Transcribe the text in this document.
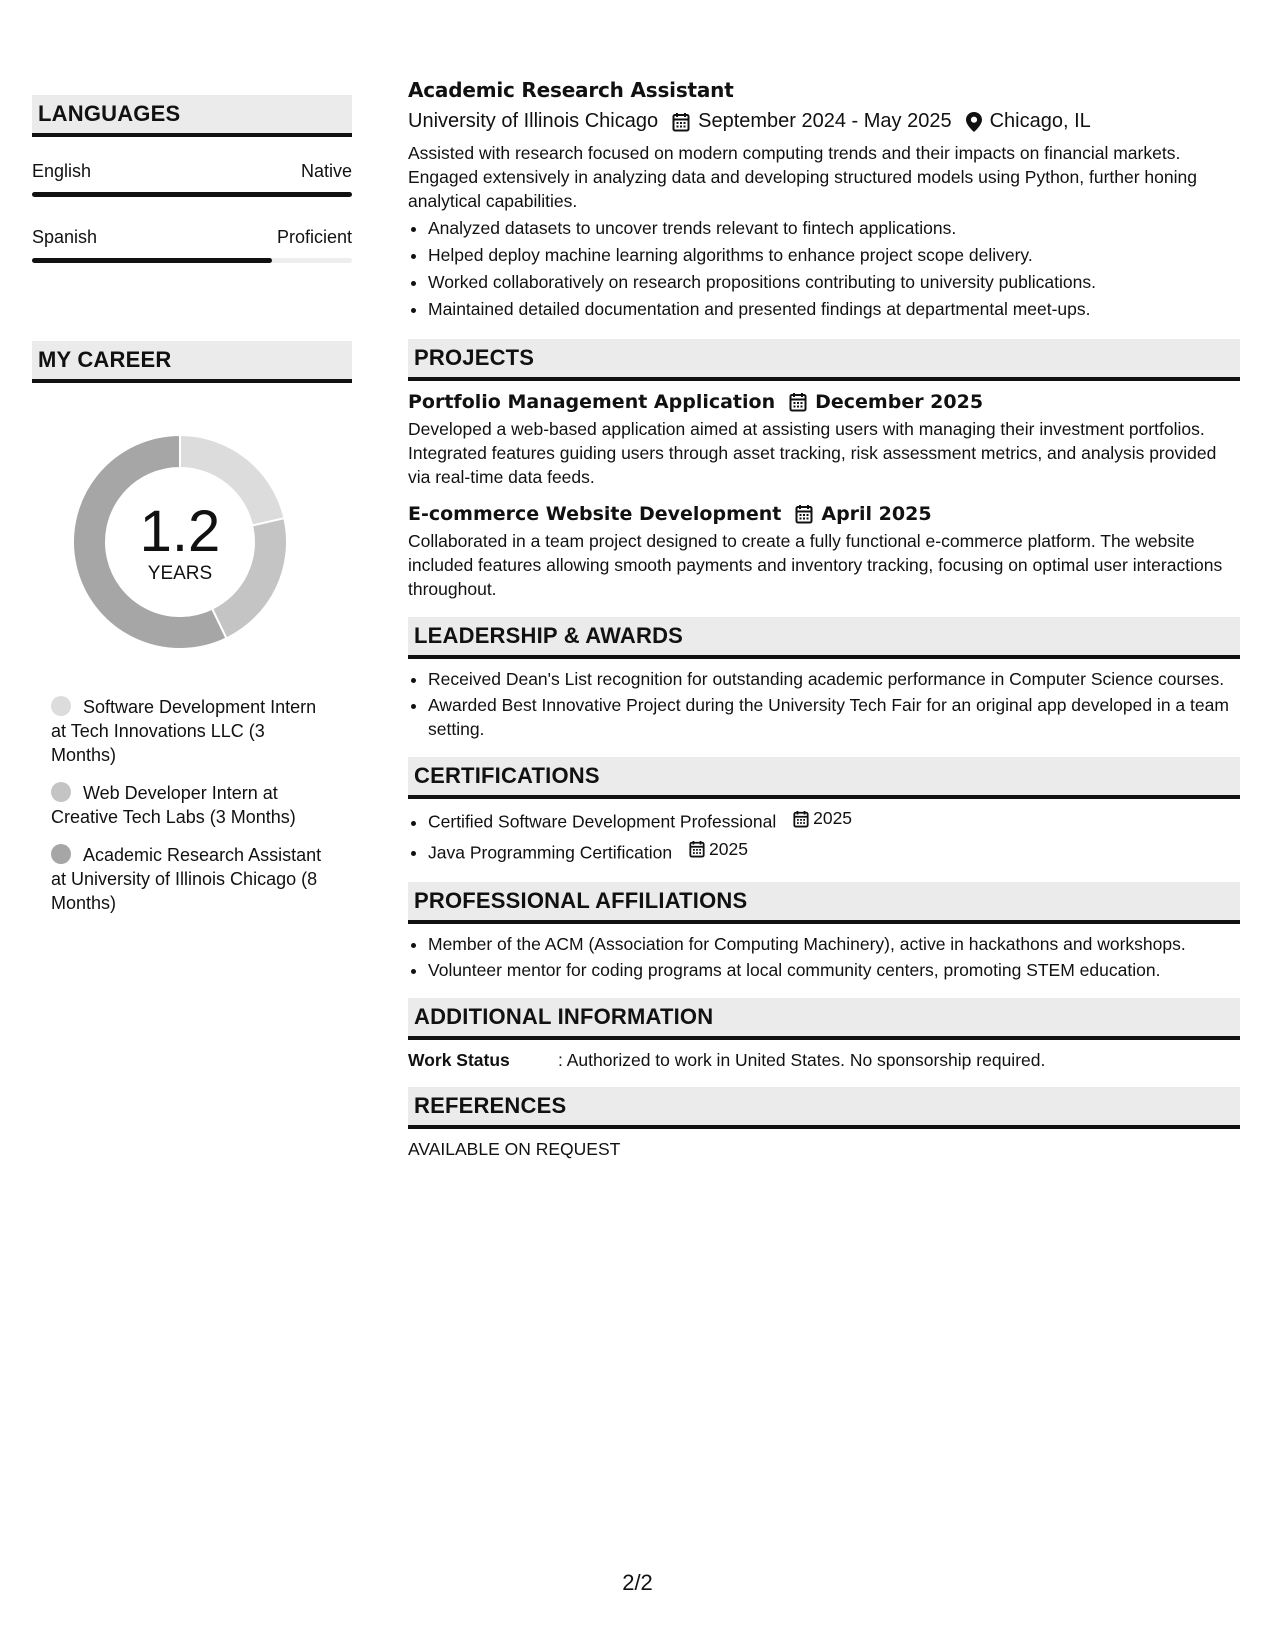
LANGUAGES
English	Native
Spanish	Proficient
MY CAREER
1.2
YEARS
Software Development Intern at Tech Innovations LLC (3 Months)
Web Developer Intern at Creative Tech Labs (3 Months)
Academic Research Assistant at University of Illinois Chicago (8 Months)
Academic Research Assistant
University of Illinois Chicago September 2024 - May 2025 Chicago, IL
Assisted with research focused on modern computing trends and their impacts on financial markets. Engaged extensively in analyzing data and developing structured models using Python, further honing analytical capabilities.
• Analyzed datasets to uncover trends relevant to fintech applications.
• Helped deploy machine learning algorithms to enhance project scope delivery.
• Worked collaboratively on research propositions contributing to university publications.
• Maintained detailed documentation and presented findings at departmental meet-ups.
PROJECTS
Portfolio Management Application December 2025
Developed a web-based application aimed at assisting users with managing their investment portfolios. Integrated features guiding users through asset tracking, risk assessment metrics, and analysis provided via real-time data feeds.
E-commerce Website Development April 2025
Collaborated in a team project designed to create a fully functional e-commerce platform. The website included features allowing smooth payments and inventory tracking, focusing on optimal user interactions throughout.
LEADERSHIP & AWARDS
• Received Dean's List recognition for outstanding academic performance in Computer Science courses.
• Awarded Best Innovative Project during the University Tech Fair for an original app developed in a team setting.
CERTIFICATIONS
• Certified Software Development Professional 2025
• Java Programming Certification 2025
PROFESSIONAL AFFILIATIONS
• Member of the ACM (Association for Computing Machinery), active in hackathons and workshops.
• Volunteer mentor for coding programs at local community centers, promoting STEM education.
ADDITIONAL INFORMATION
Work Status	: Authorized to work in United States. No sponsorship required.
REFERENCES
AVAILABLE ON REQUEST
2/2
